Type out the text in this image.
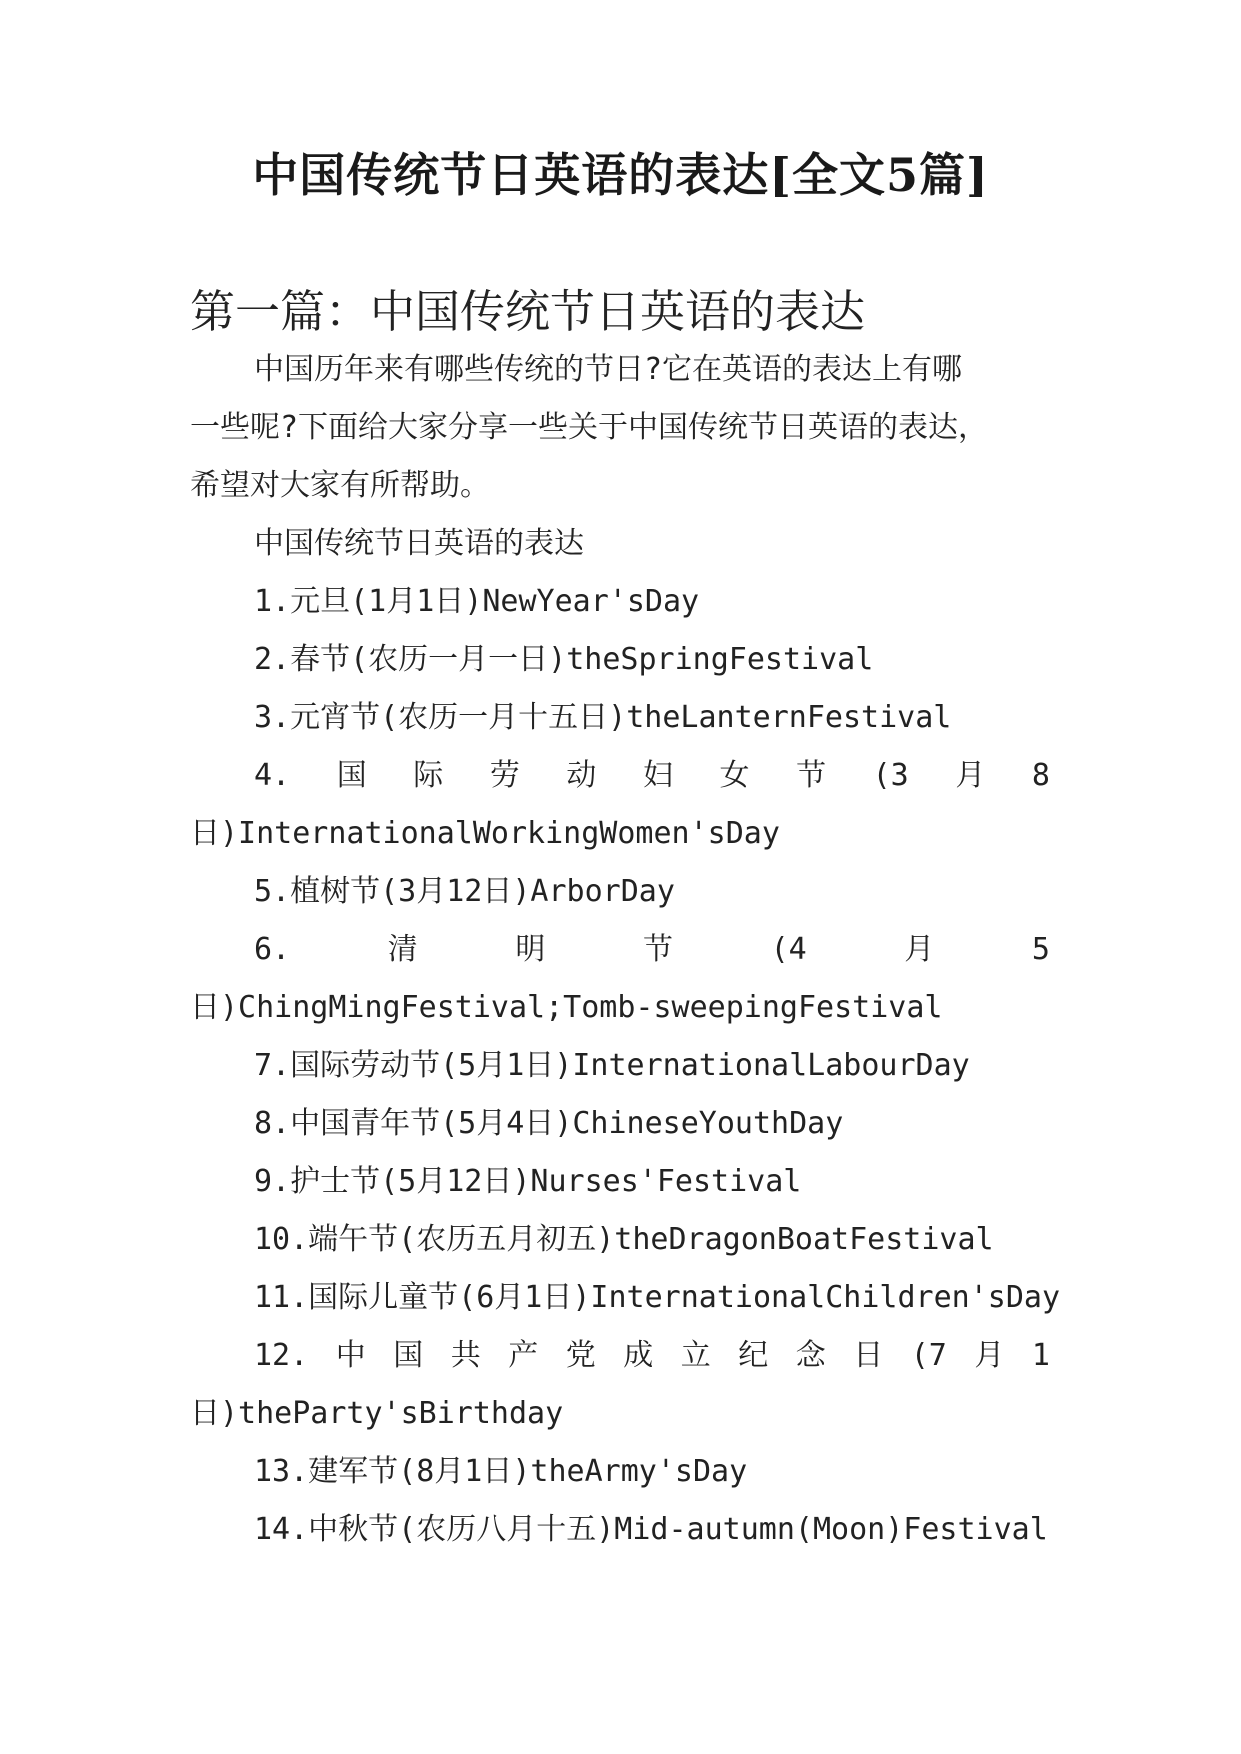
中国传统节日英语的表达[全文5篇]
第一篇：中国传统节日英语的表达

中国历年来有哪些传统的节日?它在英语的表达上有哪

一些呢?下面给大家分享一些关于中国传统节日英语的表达，

希望对大家有所帮助。

中国传统节日英语的表达

1.元旦(1月1日)NewYear'sDay

2.春节(农历一月一日)theSpringFestival

3.元宵节(农历一月十五日)theLanternFestival

4. 国 际 劳 动 妇 女 节 (3 月 8

日)InternationalWorkingWomen'sDay

5.植树节(3月12日)ArborDay

6.	清	明	节	(4	月	5

日)ChingMingFestival;Tomb-sweepingFestival

7.国际劳动节(5月1日)InternationalLabourDay

8.中国青年节(5月4日)ChineseYouthDay

9.护士节(5月12日)Nurses'Festival

10.端午节(农历五月初五)theDragonBoatFestival

11.国际儿童节(6月1日)InternationalChildren'sDay

12. 中 国 共 产 党 成 立 纪 念 日 (7 月 1

日)theParty'sBirthday

13.建军节(8月1日)theArmy'sDay

14.中秋节(农历八月十五)Mid-autumn(Moon)Festival
